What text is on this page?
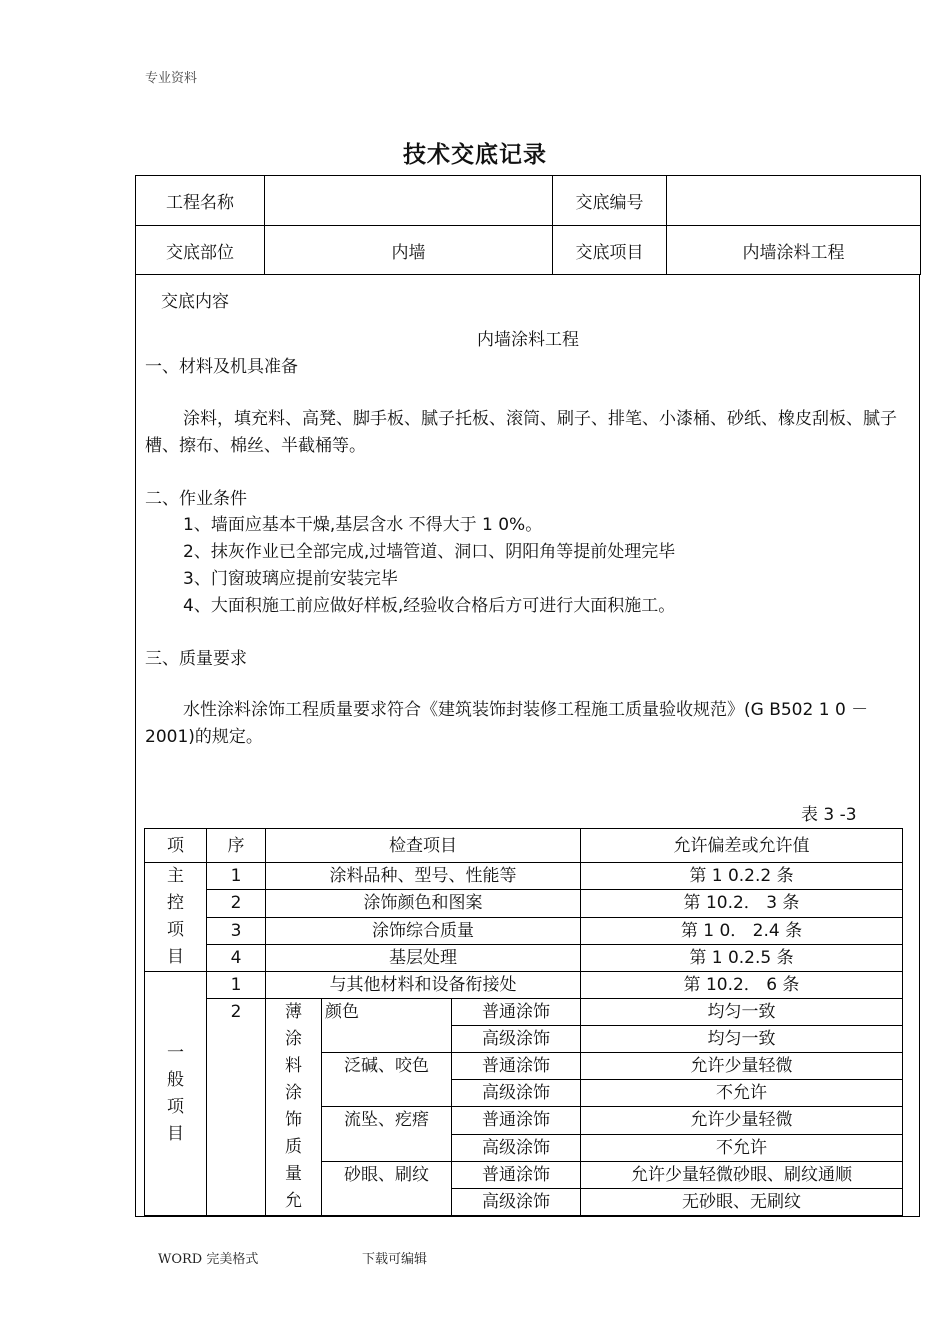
专业资料
技术交底记录
工程名称		交底编号	
交底部位	内墙	交底项目	内墙涂料工程
交底内容
内墙涂料工程
一、材料及机具准备
涂料，填充料、高凳、脚手板、腻子托板、滚筒、刷子、排笔、小漆桶、砂纸、橡皮刮板、腻子槽、擦布、棉丝、半截桶等。
二、作业条件
1、墙面应基本干燥,基层含水 不得大于 1 0%。
2、抹灰作业已全部完成,过墙管道、洞口、阴阳角等提前处理完毕
3、门窗玻璃应提前安装完毕
4、大面积施工前应做好样板,经验收合格后方可进行大面积施工。
三、质量要求
水性涂料涂饰工程质量要求符合《建筑装饰封装修工程施工质量验收规范》(G B502 1 0 －2001)的规定。
表 3 -3
项	序	检查项目			允许偏差或允许值

主控项目	1	涂料品种、型号、性能等			第 1 0.2.2 条
	2	涂饰颜色和图案			第 10.2． 3 条
	3	涂饰综合质量			第 1 0． 2.4 条
	4	基层处理			第 1 0.2.5 条

一般项目	1	与其他材料和设备衔接处			第 10.2． 6 条
	2	薄涂料涂饰质量允	颜色	普通涂饰	均匀一致
				高级涂饰	均匀一致
			泛碱、咬色	普通涂饰	允许少量轻微
				高级涂饰	不允许
			流坠、疙瘩	普通涂饰	允许少量轻微
				高级涂饰	不允许
			砂眼、刷纹	普通涂饰	允许少量轻微砂眼、刷纹通顺
				高级涂饰	无砂眼、无刷纹
WORD 完美格式	下载可编辑
